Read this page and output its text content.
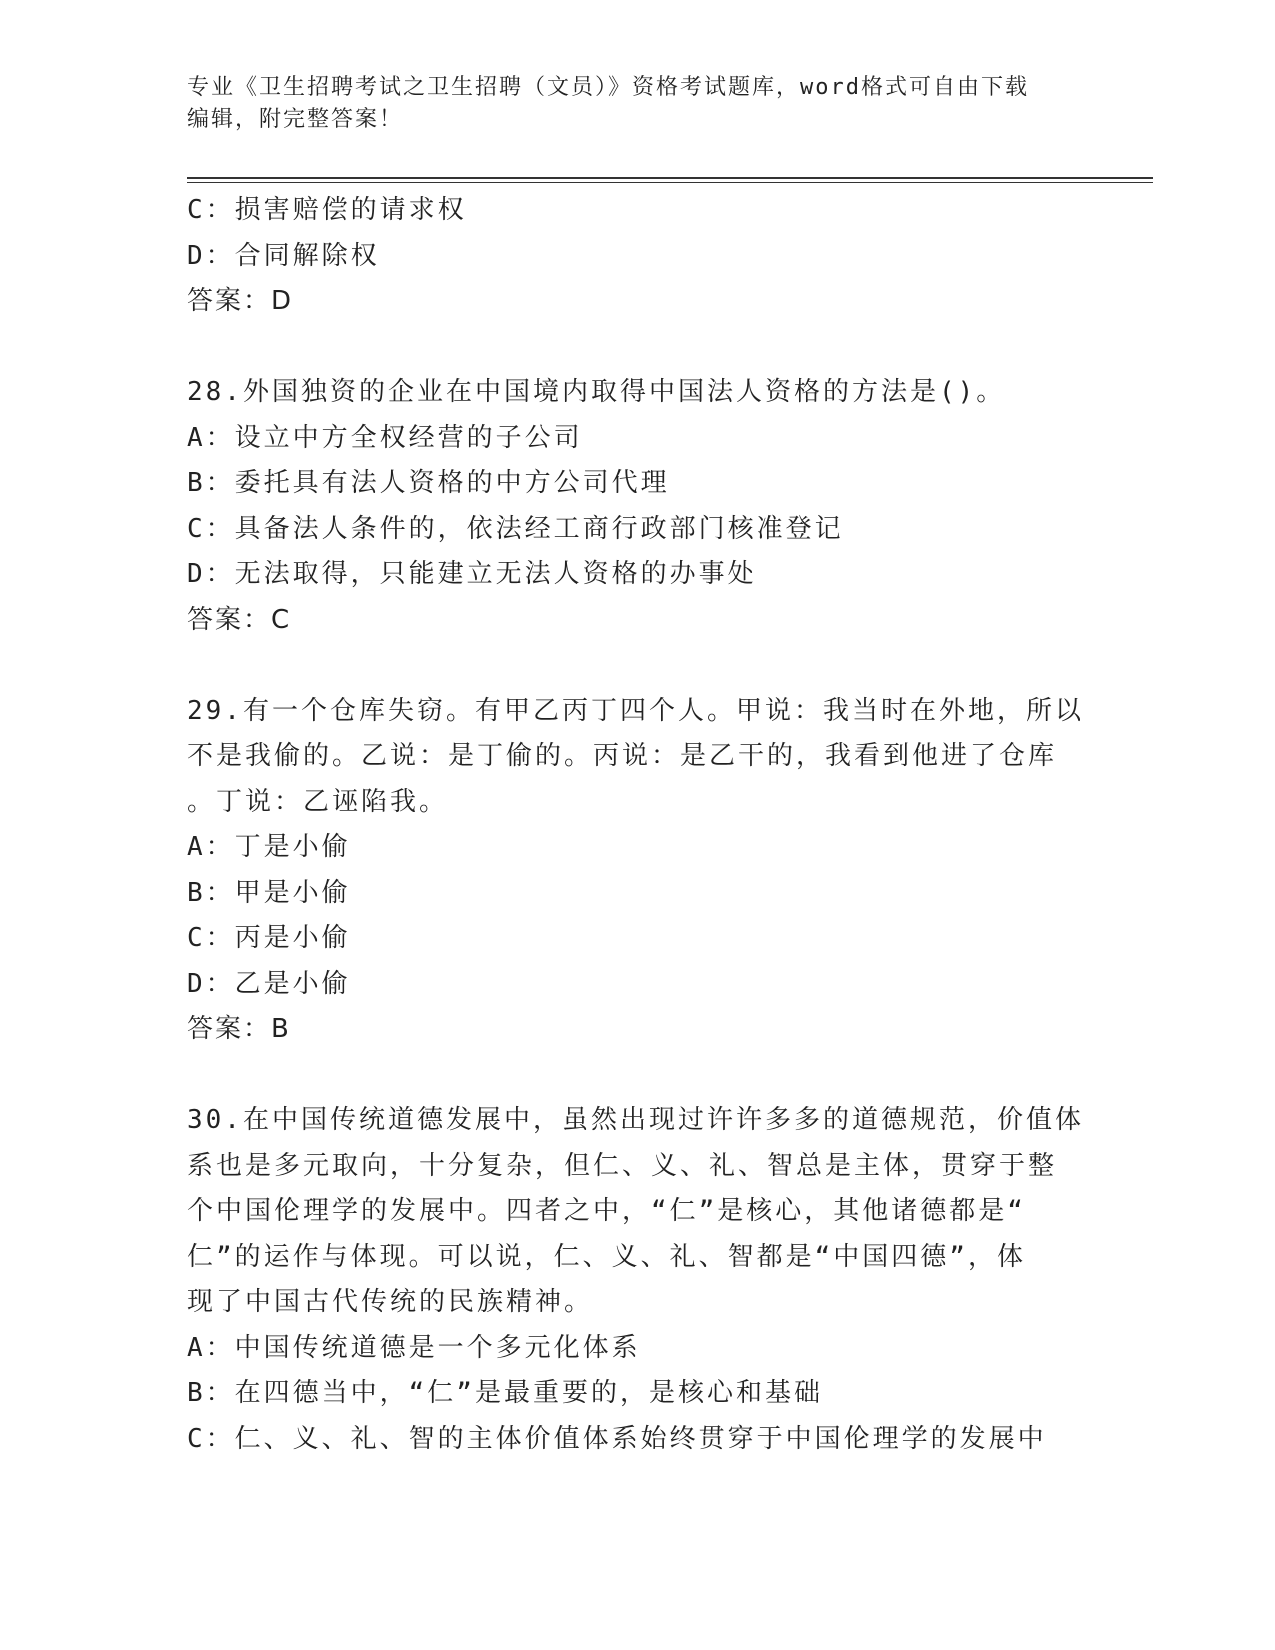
专业《卫生招聘考试之卫生招聘（文员）》资格考试题库，word格式可自由下载
编辑，附完整答案！
C：损害赔偿的请求权
D：合同解除权
答案：D
28.外国独资的企业在中国境内取得中国法人资格的方法是()。
A：设立中方全权经营的子公司
B：委托具有法人资格的中方公司代理
C：具备法人条件的，依法经工商行政部门核准登记
D：无法取得，只能建立无法人资格的办事处
答案：C
29.有一个仓库失窃。有甲乙丙丁四个人。甲说：我当时在外地，所以
不是我偷的。乙说：是丁偷的。丙说：是乙干的，我看到他进了仓库
。丁说：乙诬陷我。
A：丁是小偷
B：甲是小偷
C：丙是小偷
D：乙是小偷
答案：B
30.在中国传统道德发展中，虽然出现过许许多多的道德规范，价值体
系也是多元取向，十分复杂，但仁、义、礼、智总是主体，贯穿于整
个中国伦理学的发展中。四者之中，“仁”是核心，其他诸德都是“
仁”的运作与体现。可以说，仁、义、礼、智都是“中国四德”，体
现了中国古代传统的民族精神。
A：中国传统道德是一个多元化体系
B：在四德当中，“仁”是最重要的，是核心和基础
C：仁、义、礼、智的主体价值体系始终贯穿于中国伦理学的发展中
